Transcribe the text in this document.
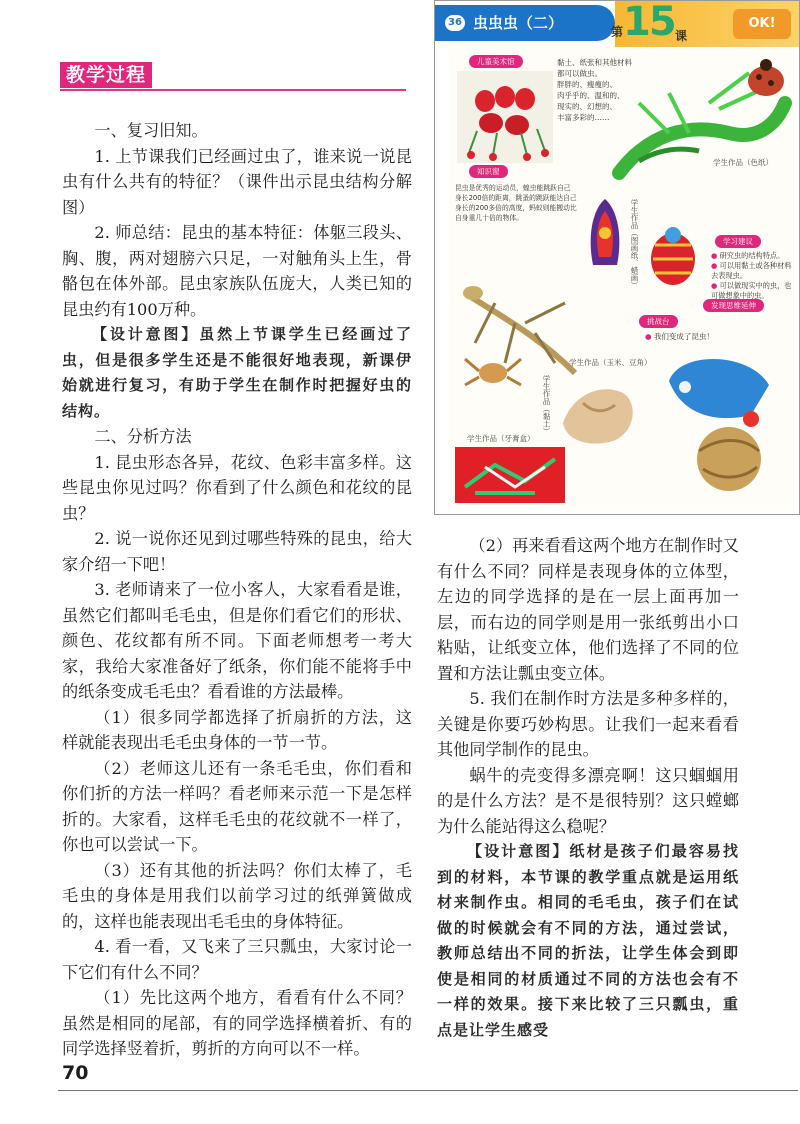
教学过程

一、复习旧知。

1. 上节课我们已经画过虫了，谁来说一说昆虫有什么共有的特征？（课件出示昆虫结构分解图）

2. 师总结：昆虫的基本特征：体躯三段头、胸、腹，两对翅膀六只足，一对触角头上生，骨骼包在体外部。昆虫家族队伍庞大，人类已知的昆虫约有100万种。

【设计意图】虽然上节课学生已经画过了虫，但是很多学生还是不能很好地表现，新课伊始就进行复习，有助于学生在制作时把握好虫的结构。

二、分析方法

1. 昆虫形态各异，花纹、色彩丰富多样。这些昆虫你见过吗？你看到了什么颜色和花纹的昆虫？

2. 说一说你还见到过哪些特殊的昆虫，给大家介绍一下吧！

3. 老师请来了一位小客人，大家看看是谁，虽然它们都叫毛毛虫，但是你们看它们的形状、颜色、花纹都有所不同。下面老师想考一考大家，我给大家准备好了纸条，你们能不能将手中的纸条变成毛毛虫？看看谁的方法最棒。

（1）很多同学都选择了折扇折的方法，这样就能表现出毛毛虫身体的一节一节。

（2）老师这儿还有一条毛毛虫，你们看和你们折的方法一样吗？看老师来示范一下是怎样折的。大家看，这样毛毛虫的花纹就不一样了，你也可以尝试一下。

（3）还有其他的折法吗？你们太棒了，毛毛虫的身体是用我们以前学习过的纸弹簧做成的，这样也能表现出毛毛虫的身体特征。

4. 看一看，又飞来了三只瓢虫，大家讨论一下它们有什么不同？

（1）先比这两个地方，看看有什么不同？虽然是相同的尾部，有的同学选择横着折、有的同学选择竖着折，剪折的方向可以不一样。

（2）再来看看这两个地方在制作时又有什么不同？同样是表现身体的立体型，左边的同学选择的是在一层上面再加一层，而右边的同学则是用一张纸剪出小口粘贴，让纸变立体，他们选择了不同的位置和方法让瓢虫变立体。

5. 我们在制作时方法是多种多样的，关键是你要巧妙构思。让我们一起来看看其他同学制作的昆虫。

蜗牛的壳变得多漂亮啊！这只蝈蝈用的是什么方法？是不是很特别？这只螳螂为什么能站得这么稳呢？

【设计意图】纸材是孩子们最容易找到的材料，本节课的教学重点就是运用纸材来制作虫。相同的毛毛虫，孩子们在试做的时候就会有不同的方法，通过尝试，教师总结出不同的折法，让学生体会到即使是相同的材质通过不同的方法也会有不一样的效果。接下来比较了三只瓢虫，重点是让学生感受

70
36 虫虫虫（二）	第 15 课
OK!
儿童美术馆
知识窗
学习建议
发现思维延伸
挑战台
黏土、纸张和其他材料
都可以做虫。
胖胖的、瘦瘦的、
肉乎乎的、温和的、
现实的、幻想的、
丰富多彩的……
昆虫是优秀的运动员，蝗虫能跳跃自己身长200倍的距离，跳蚤的跳跃能达自己身长的200多倍的高度，蚂蚁则能搬动比自身重几十倍的物体。
● 研究虫的结构特点。
● 可以用黏土或各种材料去表现虫。
● 可以做现实中的虫，也可做想象中的虫。
● 我们变成了昆虫！
学生作品（色纸）
学生作品（图画纸、蜡画）
学生作品（玉米、豆角）
学生作品（黏土）
学生作品（牙膏盒）
